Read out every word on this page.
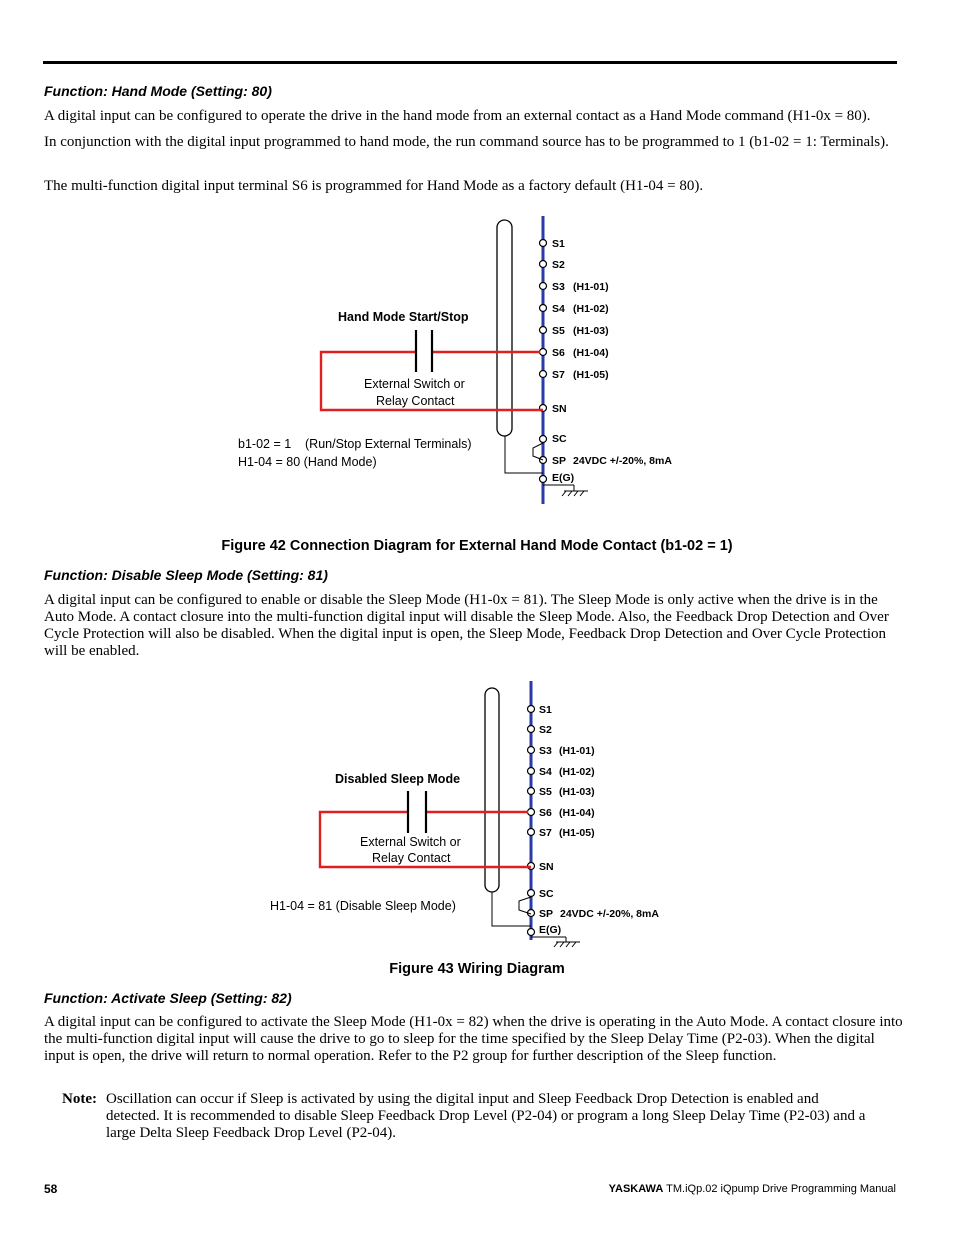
Function: Hand Mode (Setting: 80)
A digital input can be configured to operate the drive in the hand mode from an external contact as a Hand Mode command (H1-0x = 80).
In conjunction with the digital input programmed to hand mode, the run command source has to be programmed to 1 (b1-02 = 1: Terminals).
The multi-function digital input terminal S6 is programmed for Hand Mode as a factory default (H1-04 = 80).
S1
S2
S3
S4
S5
S6
S7
SN
SC
SP
E(G)
(H1-01)
(H1-02)
(H1-03)
(H1-04)
(H1-05)
24VDC +/-20%, 8mA
Hand Mode Start/Stop
External Switch or
Relay Contact
b1-02 = 1 (Run/Stop External Terminals)
H1-04 = 80 (Hand Mode)
Figure 42 Connection Diagram for External Hand Mode Contact (b1-02 = 1)
Function: Disable Sleep Mode (Setting: 81)
A digital input can be configured to enable or disable the Sleep Mode (H1-0x = 81). The Sleep Mode is only active when the drive is in the Auto Mode. A contact closure into the multi-function digital input will disable the Sleep Mode. Also, the Feedback Drop Detection and Over Cycle Protection will also be disabled. When the digital input is open, the Sleep Mode, Feedback Drop Detection and Over Cycle Protection will be enabled.
S1
S2
S3
S4
S5
S6
S7
SN
SC
SP
E(G)
(H1-01)
(H1-02)
(H1-03)
(H1-04)
(H1-05)
24VDC +/-20%, 8mA
Disabled Sleep Mode
External Switch or
Relay Contact
H1-04 = 81 (Disable Sleep Mode)
Figure 43 Wiring Diagram
Function: Activate Sleep (Setting: 82)
A digital input can be configured to activate the Sleep Mode (H1-0x = 82) when the drive is operating in the Auto Mode. A contact closure into the multi-function digital input will cause the drive to go to sleep for the time specified by the Sleep Delay Time (P2-03). When the digital input is open, the drive will return to normal operation. Refer to the P2 group for further description of the Sleep function.
Note: Oscillation can occur if Sleep is activated by using the digital input and Sleep Feedback Drop Detection is enabled and detected. It is recommended to disable Sleep Feedback Drop Level (P2-04) or program a long Sleep Delay Time (P2-03) and a large Delta Sleep Feedback Drop Level (P2-04).
58	YASKAWA TM.iQp.02 iQpump Drive Programming Manual
